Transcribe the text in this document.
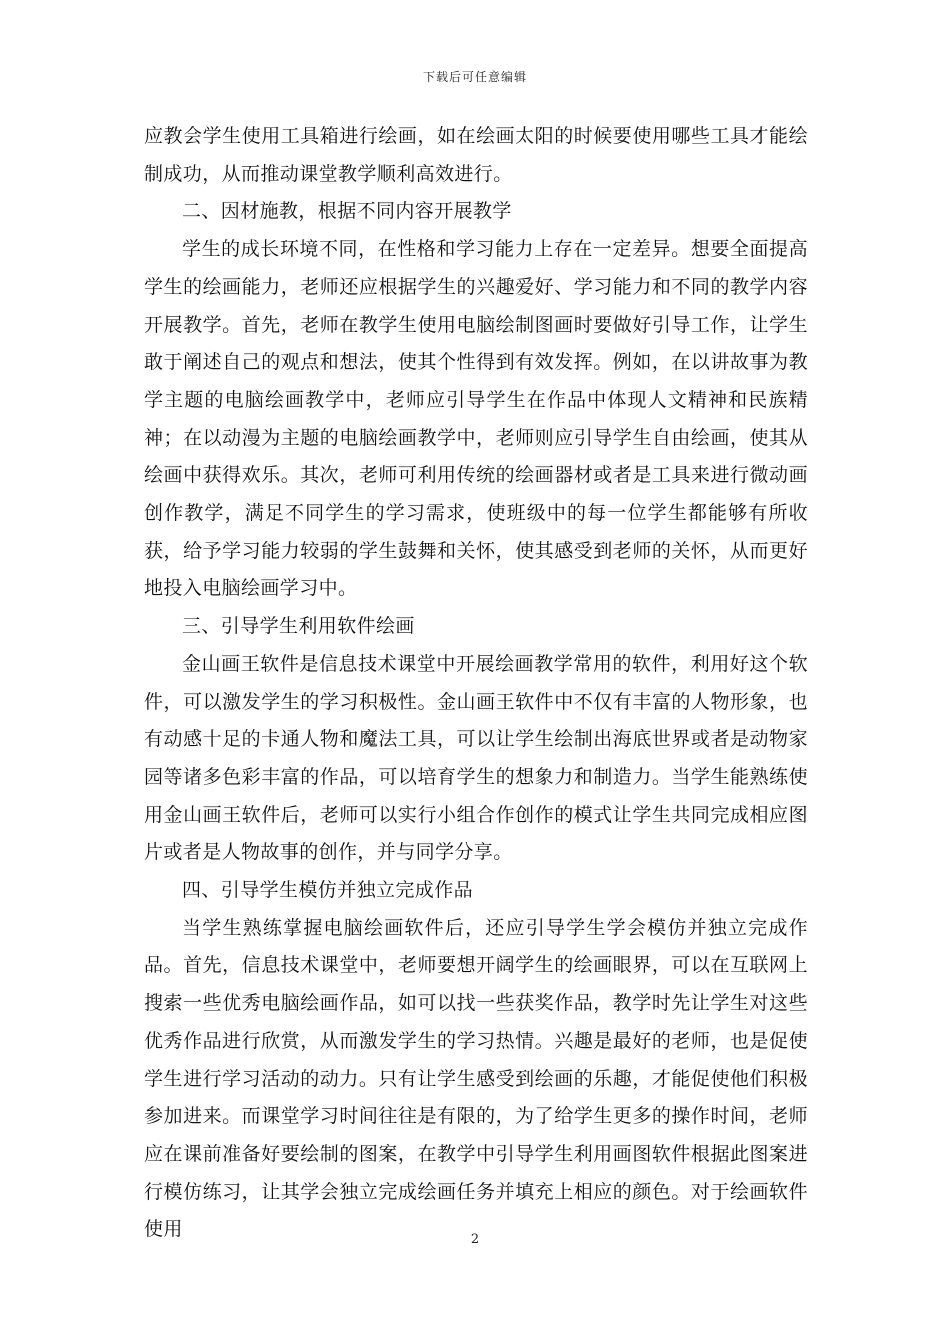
下载后可任意编辑

应教会学生使用工具箱进行绘画，如在绘画太阳的时候要使用哪些工具才能绘制成功，从而推动课堂教学顺利高效进行。

二、因材施教，根据不同内容开展教学

学生的成长环境不同，在性格和学习能力上存在一定差异。想要全面提高学生的绘画能力，老师还应根据学生的兴趣爱好、学习能力和不同的教学内容开展教学。首先，老师在教学生使用电脑绘制图画时要做好引导工作，让学生敢于阐述自己的观点和想法，使其个性得到有效发挥。例如，在以讲故事为教学主题的电脑绘画教学中，老师应引导学生在作品中体现人文精神和民族精神；在以动漫为主题的电脑绘画教学中，老师则应引导学生自由绘画，使其从绘画中获得欢乐。其次，老师可利用传统的绘画器材或者是工具来进行微动画创作教学，满足不同学生的学习需求，使班级中的每一位学生都能够有所收获，给予学习能力较弱的学生鼓舞和关怀，使其感受到老师的关怀，从而更好地投入电脑绘画学习中。

三、引导学生利用软件绘画

金山画王软件是信息技术课堂中开展绘画教学常用的软件，利用好这个软件，可以激发学生的学习积极性。金山画王软件中不仅有丰富的人物形象，也有动感十足的卡通人物和魔法工具，可以让学生绘制出海底世界或者是动物家园等诸多色彩丰富的作品，可以培育学生的想象力和制造力。当学生能熟练使用金山画王软件后，老师可以实行小组合作创作的模式让学生共同完成相应图片或者是人物故事的创作，并与同学分享。

四、引导学生模仿并独立完成作品

当学生熟练掌握电脑绘画软件后，还应引导学生学会模仿并独立完成作品。首先，信息技术课堂中，老师要想开阔学生的绘画眼界，可以在互联网上搜索一些优秀电脑绘画作品，如可以找一些获奖作品，教学时先让学生对这些优秀作品进行欣赏，从而激发学生的学习热情。兴趣是最好的老师，也是促使学生进行学习活动的动力。只有让学生感受到绘画的乐趣，才能促使他们积极参加进来。而课堂学习时间往往是有限的，为了给学生更多的操作时间，老师应在课前准备好要绘制的图案，在教学中引导学生利用画图软件根据此图案进行模仿练习，让其学会独立完成绘画任务并填充上相应的颜色。对于绘画软件使用	2
